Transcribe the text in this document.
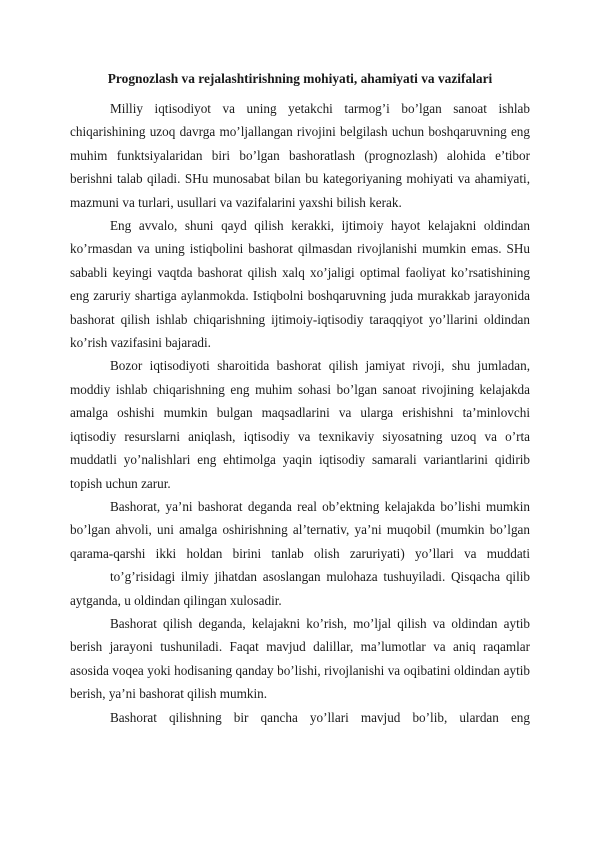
Prognozlash va rejalashtirishning mohiyati, ahamiyati va vazifalari

Milliy iqtisodiyot va uning yetakchi tarmog’i bo’lgan sanoat ishlab chiqarishining uzoq davrga mo’ljallangan rivojini belgilash uchun boshqaruvning eng muhim funktsiyalaridan biri bo’lgan bashoratlash (prognozlash) alohida e’tibor berishni talab qiladi. SHu munosabat bilan bu kategoriyaning mohiyati va ahamiyati, mazmuni va turlari, usullari va vazifalarini yaxshi bilish kerak.

Eng avvalo, shuni qayd qilish kerakki, ijtimoiy hayot kelajakni oldindan ko’rmasdan va uning istiqbolini bashorat qilmasdan rivojlanishi mumkin emas. SHu sababli keyingi vaqtda bashorat qilish xalq xo’jaligi optimal faoliyat ko’rsatishining eng zaruriy shartiga aylanmokda. Istiqbolni boshqaruvning juda murakkab jarayonida bashorat qilish ishlab chiqarishning ijtimoiy-iqtisodiy taraqqiyot yo’llarini oldindan ko’rish vazifasini bajaradi.

Bozor iqtisodiyoti sharoitida bashorat qilish jamiyat rivoji, shu jumladan, moddiy ishlab chiqarishning eng muhim sohasi bo’lgan sanoat rivojining kelajakda amalga oshishi mumkin bulgan maqsadlarini va ularga erishishni ta’minlovchi iqtisodiy resurslarni aniqlash, iqtisodiy va texnikaviy siyosatning uzoq va o’rta muddatli yo’nalishlari eng ehtimolga yaqin iqtisodiy samarali variantlarini qidirib topish uchun zarur.

Bashorat, ya’ni bashorat deganda real ob’ektning kelajakda bo’lishi mumkin bo’lgan ahvoli, uni amalga oshirishning al’ternativ, ya’ni muqobil (mumkin bo’lgan qarama-qarshi ikki holdan birini tanlab olish zaruriyati) yo’llari va muddati

to’g’risidagi ilmiy jihatdan asoslangan mulohaza tushuyiladi. Qisqacha qilib aytganda, u oldindan qilingan xulosadir.

Bashorat qilish deganda, kelajakni ko’rish, mo’ljal qilish va oldindan aytib berish jarayoni tushuniladi. Faqat mavjud dalillar, ma’lumotlar va aniq raqamlar asosida voqea yoki hodisaning qanday bo’lishi, rivojlanishi va oqibatini oldindan aytib berish, ya’ni bashorat qilish mumkin.

Bashorat qilishning bir qancha yo’llari mavjud bo’lib, ulardan eng
